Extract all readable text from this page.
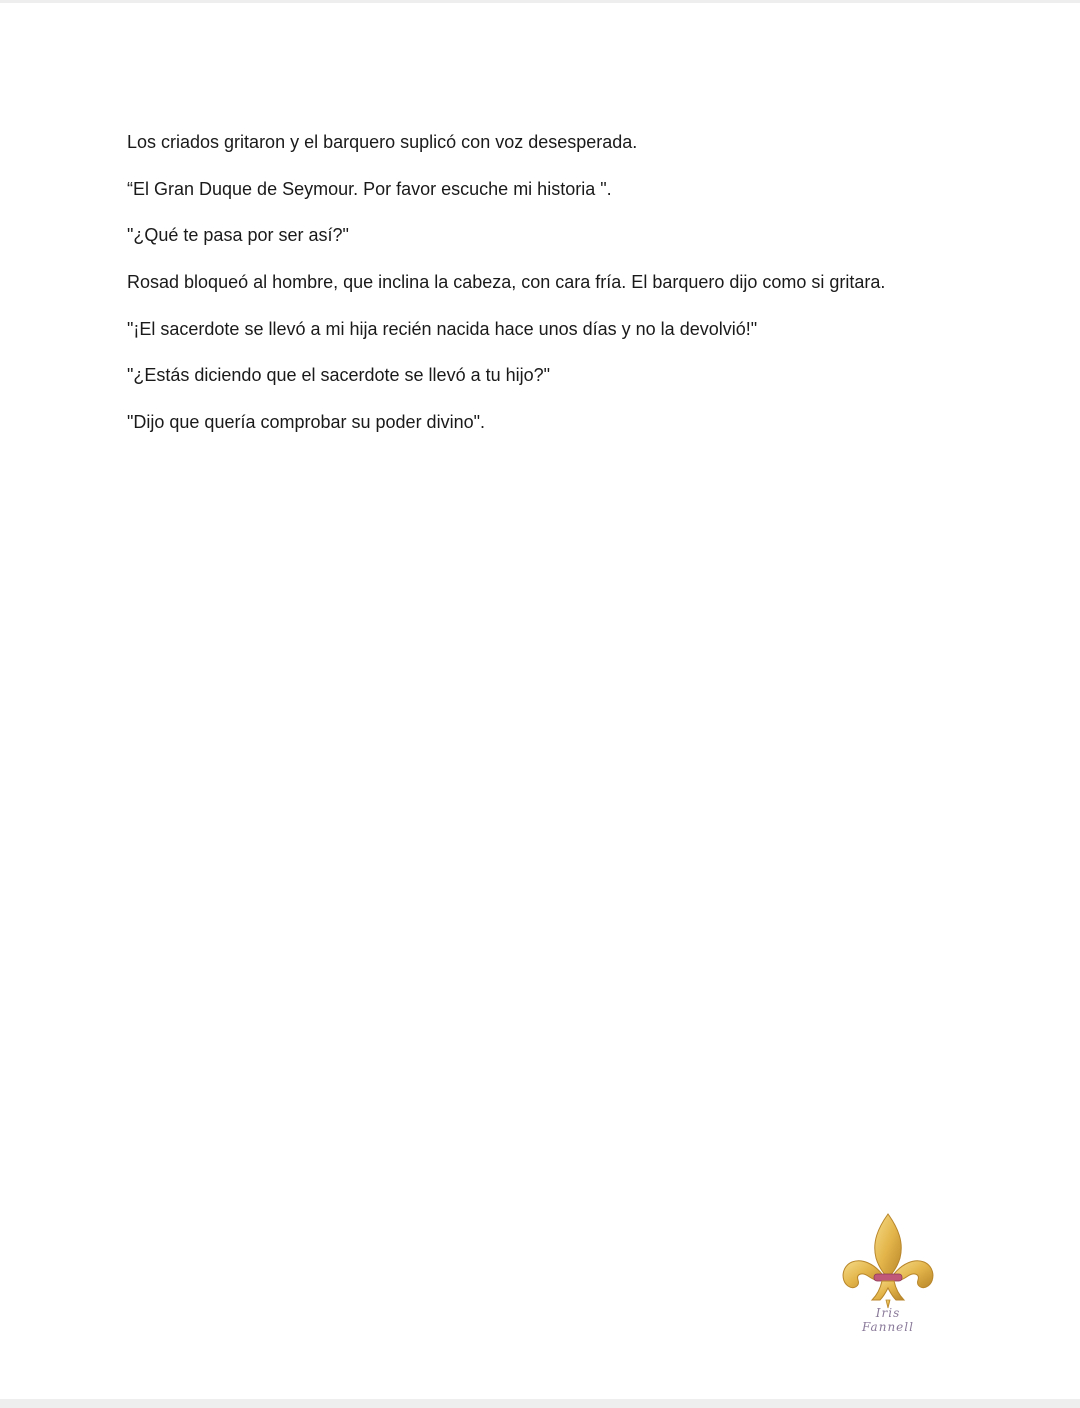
Los criados gritaron y el barquero suplicó con voz desesperada.

“El Gran Duque de Seymour. Por favor escuche mi historia ".

"¿Qué te pasa por ser así?"

Rosad bloqueó al hombre, que inclina la cabeza, con cara fría. El barquero dijo como si gritara.

"¡El sacerdote se llevó a mi hija recién nacida hace unos días y no la devolvió!"

"¿Estás diciendo que el sacerdote se llevó a tu hijo?"

"Dijo que quería comprobar su poder divino".

Iris Fannell
